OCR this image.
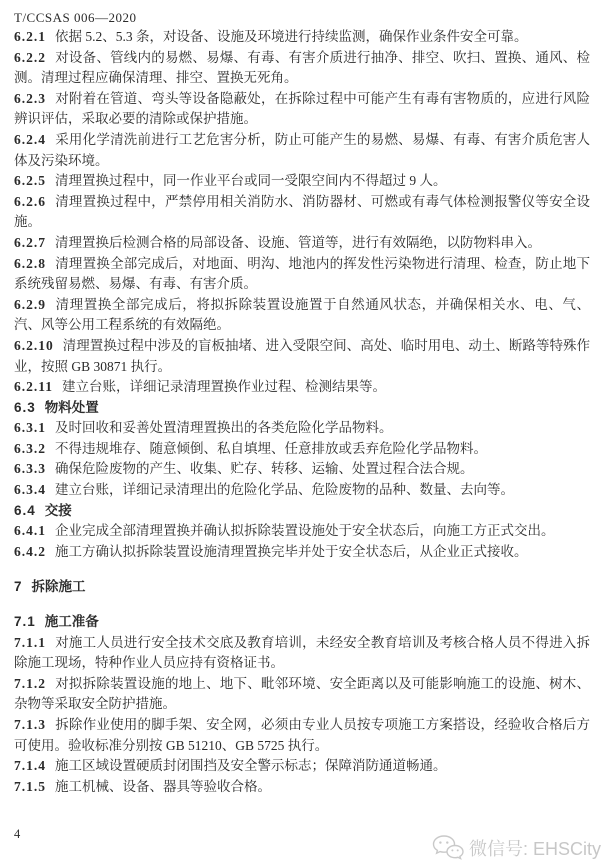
T/CCSAS 006—2020

6.2.1 依据 5.2、5.3 条，对设备、设施及环境进行持续监测，确保作业条件安全可靠。

6.2.2 对设备、管线内的易燃、易爆、有毒、有害介质进行抽净、排空、吹扫、置换、通风、检测。清理过程应确保清理、排空、置换无死角。

6.2.3 对附着在管道、弯头等设备隐蔽处，在拆除过程中可能产生有毒有害物质的，应进行风险辨识评估，采取必要的清除或保护措施。

6.2.4 采用化学清洗前进行工艺危害分析，防止可能产生的易燃、易爆、有毒、有害介质危害人体及污染环境。

6.2.5 清理置换过程中，同一作业平台或同一受限空间内不得超过 9 人。

6.2.6 清理置换过程中，严禁停用相关消防水、消防器材、可燃或有毒气体检测报警仪等安全设施。

6.2.7 清理置换后检测合格的局部设备、设施、管道等，进行有效隔绝，以防物料串入。

6.2.8 清理置换全部完成后，对地面、明沟、地池内的挥发性污染物进行清理、检查，防止地下系统残留易燃、易爆、有毒、有害介质。

6.2.9 清理置换全部完成后，将拟拆除装置设施置于自然通风状态，并确保相关水、电、气、汽、风等公用工程系统的有效隔绝。

6.2.10 清理置换过程中涉及的盲板抽堵、进入受限空间、高处、临时用电、动土、断路等特殊作业，按照 GB 30871 执行。

6.2.11 建立台账，详细记录清理置换作业过程、检测结果等。

6.3 物料处置

6.3.1 及时回收和妥善处置清理置换出的各类危险化学品物料。

6.3.2 不得违规堆存、随意倾倒、私自填埋、任意排放或丢弃危险化学品物料。

6.3.3 确保危险废物的产生、收集、贮存、转移、运输、处置过程合法合规。

6.3.4 建立台账，详细记录清理出的危险化学品、危险废物的品种、数量、去向等。

6.4 交接

6.4.1 企业完成全部清理置换并确认拟拆除装置设施处于安全状态后，向施工方正式交出。

6.4.2 施工方确认拟拆除装置设施清理置换完毕并处于安全状态后，从企业正式接收。

7 拆除施工

7.1 施工准备

7.1.1 对施工人员进行安全技术交底及教育培训，未经安全教育培训及考核合格人员不得进入拆除施工现场，特种作业人员应持有资格证书。

7.1.2 对拟拆除装置设施的地上、地下、毗邻环境、安全距离以及可能影响施工的设施、树木、杂物等采取安全防护措施。

7.1.3 拆除作业使用的脚手架、安全网，必须由专业人员按专项施工方案搭设，经验收合格后方可使用。验收标准分别按 GB 51210、GB 5725 执行。

7.1.4 施工区域设置硬质封闭围挡及安全警示标志；保障消防通道畅通。

7.1.5 施工机械、设备、器具等验收合格。

4
微信号: EHSCity
